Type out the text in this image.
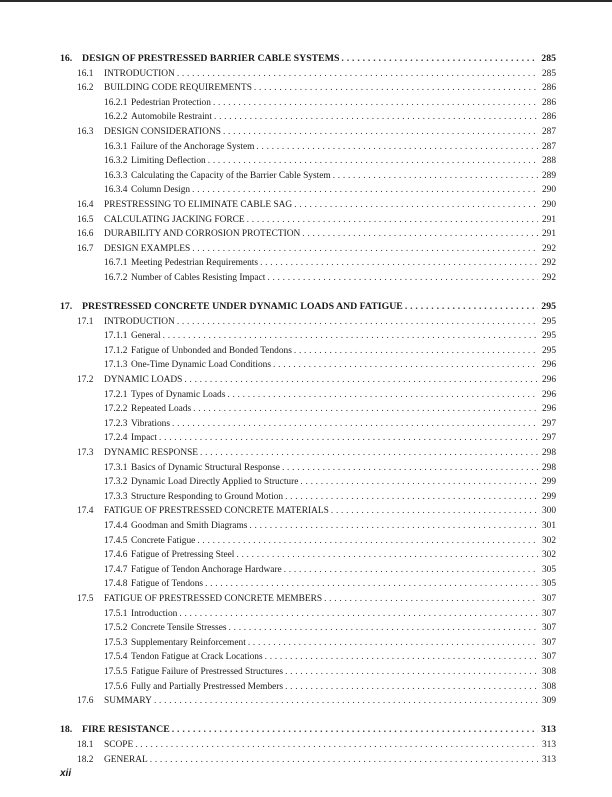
16. DESIGN OF PRESTRESSED BARRIER CABLE SYSTEMS . . .	285
16.1	INTRODUCTION . . .	285
16.2	BUILDING CODE REQUIREMENTS . . .	286
16.2.1 Pedestrian Protection . . .	286
16.2.2 Automobile Restraint . . .	286
16.3	DESIGN CONSIDERATIONS . . .	287
16.3.1 Failure of the Anchorage System . . .	287
16.3.2 Limiting Deflection . . .	288
16.3.3 Calculating the Capacity of the Barrier Cable System . . .	289
16.3.4 Column Design . . .	290
16.4	PRESTRESSING TO ELIMINATE CABLE SAG . . .	290
16.5	CALCULATING JACKING FORCE . . .	291
16.6	DURABILITY AND CORROSION PROTECTION . . .	291
16.7	DESIGN EXAMPLES . . .	292
16.7.1 Meeting Pedestrian Requirements . . .	292
16.7.2 Number of Cables Resisting Impact . . .	292
17. PRESTRESSED CONCRETE UNDER DYNAMIC LOADS AND FATIGUE . . .	295
17.1	INTRODUCTION . . .	295
17.1.1 General . . .	295
17.1.2 Fatigue of Unbonded and Bonded Tendons . . .	295
17.1.3 One-Time Dynamic Load Conditions . . .	296
17.2	DYNAMIC LOADS . . .	296
17.2.1 Types of Dynamic Loads . . .	296
17.2.2 Repeated Loads . . .	296
17.2.3 Vibrations . . .	297
17.2.4 Impact . . .	297
17.3	DYNAMIC RESPONSE . . .	298
17.3.1 Basics of Dynamic Structural Response . . .	298
17.3.2 Dynamic Load Directly Applied to Structure . . .	299
17.3.3 Structure Responding to Ground Motion . . .	299
17.4	FATIGUE OF PRESTRESSED CONCRETE MATERIALS . . .	300
17.4.4 Goodman and Smith Diagrams . . .	301
17.4.5 Concrete Fatigue . . .	302
17.4.6 Fatigue of Pretressing Steel . . .	302
17.4.7 Fatigue of Tendon Anchorage Hardware . . .	305
17.4.8 Fatigue of Tendons . . .	305
17.5	FATIGUE OF PRESTRESSED CONCRETE MEMBERS . . .	307
17.5.1 Introduction . . .	307
17.5.2 Concrete Tensile Stresses . . .	307
17.5.3 Supplementary Reinforcement . . .	307
17.5.4 Tendon Fatigue at Crack Locations . . .	307
17.5.5 Fatigue Failure of Prestressed Structures . . .	308
17.5.6 Fully and Partially Prestressed Members . . .	308
17.6	SUMMARY . . .	309
18. FIRE RESISTANCE . . .	313
18.1	SCOPE . . .	313
18.2	GENERAL . . .	313
xii
